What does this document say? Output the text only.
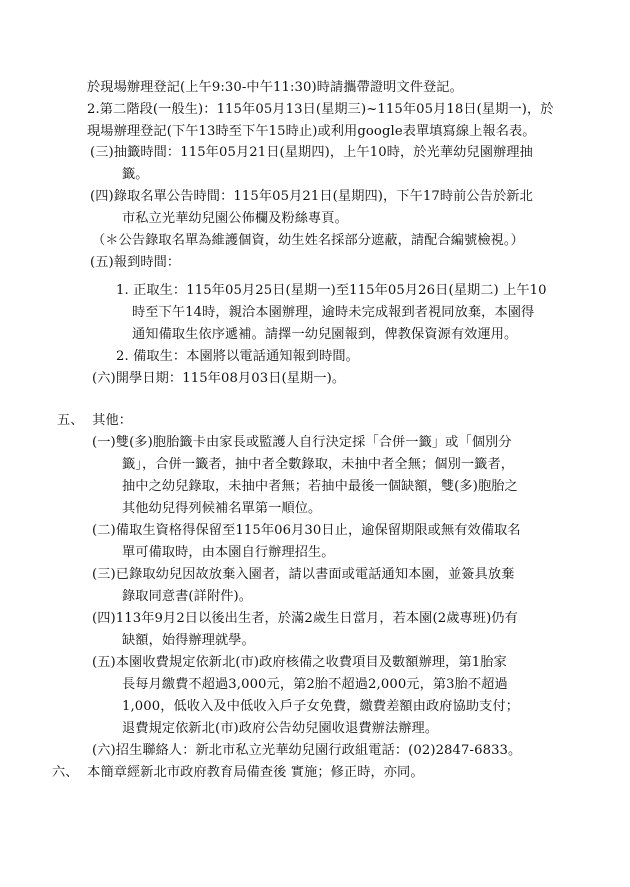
於現場辦理登記(上午9:30-中午11:30)時請攜帶證明文件登記。
2.第二階段(一般生)：115年05月13日(星期三)~115年05月18日(星期一)，於
現場辦理登記(下午13時至下午15時止)或利用google表單填寫線上報名表。
(三)抽籤時間：115年05月21日(星期四)，上午10時，於光華幼兒園辦理抽
籤。
(四)錄取名單公告時間：115年05月21日(星期四)，下午17時前公告於新北
市私立光華幼兒園公佈欄及粉絲專頁。
（＊公告錄取名單為維護個資，幼生姓名採部分遮蔽，請配合編號檢視。）
(五)報到時間：
1. 正取生：115年05月25日(星期一)至115年05月26日(星期二) 上午10
時至下午14時，親洽本園辦理，逾時未完成報到者視同放棄，本園得
通知備取生依序遞補。請擇一幼兒園報到，俾教保資源有效運用。
2. 備取生：本園將以電話通知報到時間。
(六)開學日期：115年08月03日(星期一)。
五、  其他：
(一)雙(多)胞胎籤卡由家長或監護人自行決定採「合併一籤」或「個別分
籤」，合併一籤者，抽中者全數錄取，未抽中者全無；個別一籤者，
抽中之幼兒錄取，未抽中者無；若抽中最後一個缺額，雙(多)胞胎之
其他幼兒得列候補名單第一順位。
(二)備取生資格得保留至115年06月30日止，逾保留期限或無有效備取名
單可備取時，由本園自行辦理招生。
(三)已錄取幼兒因故放棄入園者，請以書面或電話通知本園，並簽具放棄
錄取同意書(詳附件)。
(四)113年9月2日以後出生者，於滿2歲生日當月，若本園(2歲專班)仍有
缺額，始得辦理就學。
(五)本園收費規定依新北(市)政府核備之收費項目及數額辦理，第1胎家
長每月繳費不超過3,000元，第2胎不超過2,000元，第3胎不超過
1,000，低收入及中低收入戶子女免費，繳費差額由政府協助支付；
退費規定依新北(市)政府公告幼兒園收退費辦法辦理。
(六)招生聯絡人：新北市私立光華幼兒園行政組電話：(02)2847-6833。
六、  本簡章經新北市政府教育局備查後 實施；修正時，亦同。
